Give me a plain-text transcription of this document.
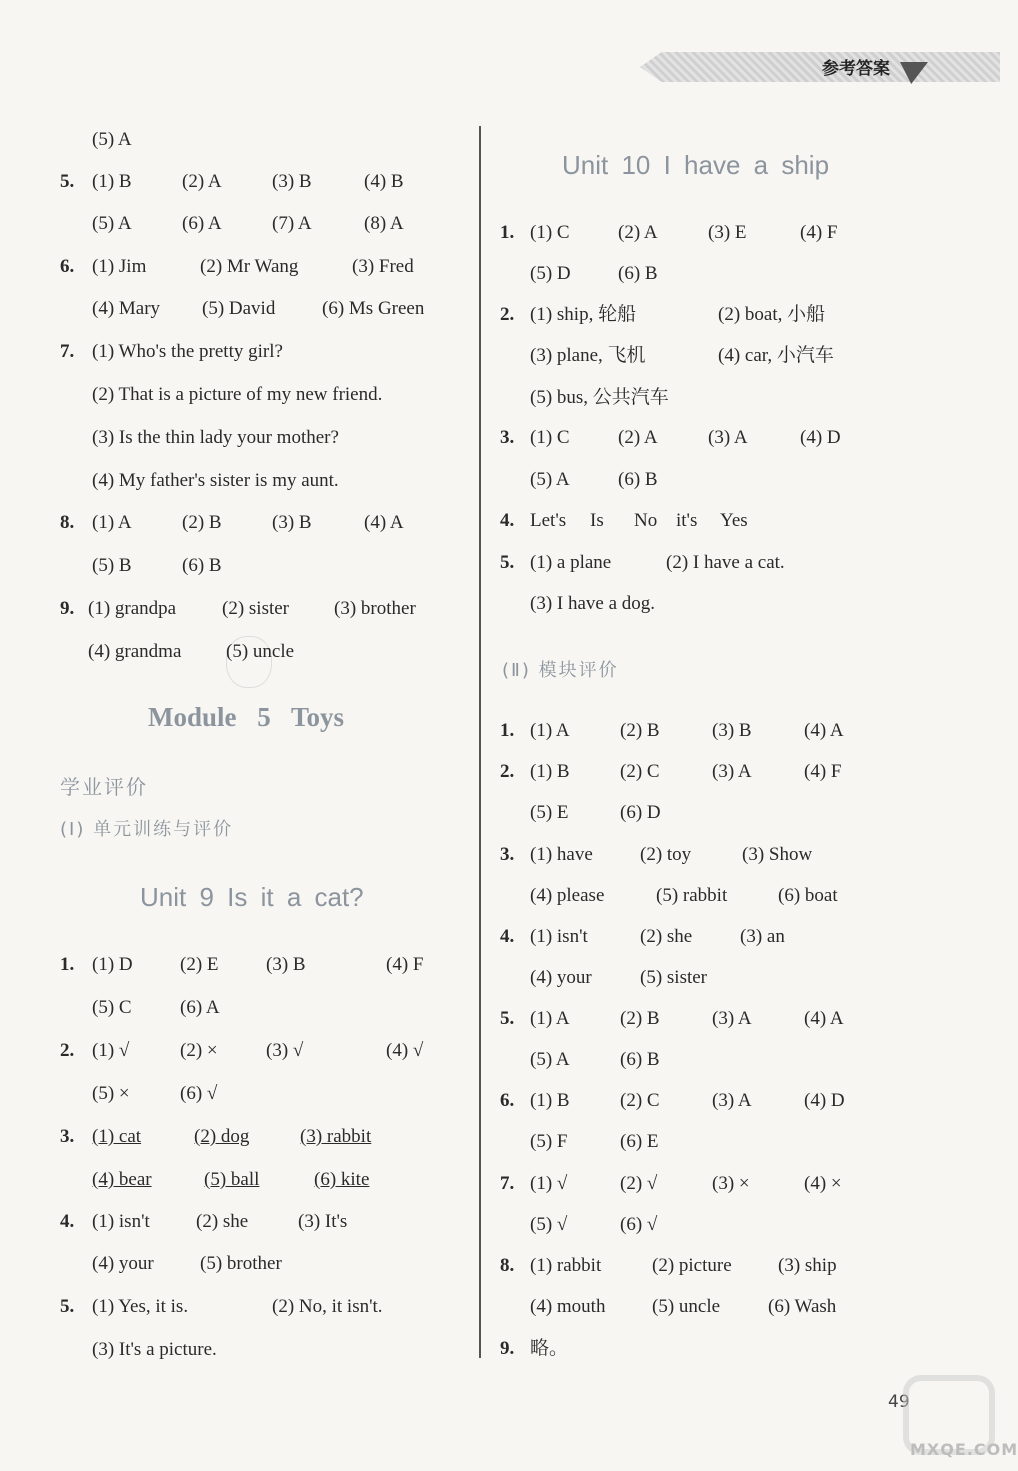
参考答案
Module 5 Toys
学业评价
(Ⅰ) 单元训练与评价
Unit 9 Is it a cat?
(5) A
5. (1) B	(2) A	(3) B	(4) B
(5) A	(6) A	(7) A	(8) A
6. (1) Jim	(2) Mr Wang	(3) Fred
(4) Mary (5) David (6) Ms Green
7. (1) Who's the pretty girl?
(2) That is a picture of my new friend.
(3) Is the thin lady your mother?
(4) My father's sister is my aunt.
8. (1) A	(2) B	(3) B	(4) A
(5) B	(6) B
9. (1) grandpa (2) sister (3) brother
(4) grandma (5) uncle
1. (1) D (2) E (3) B	(4) F
(5) C	(6) A
2. (1) √	(2) ×	(3) √	(4) √
(5) ×	(6) √
3. (1) cat	(2) dog	(3) rabbit
(4) bear	(5) ball	(6) kite
4. (1) isn't (2) she	(3) It's
(4) your (5) brother
5. (1) Yes, it is.	(2) No, it isn't.
(3) It's a picture.
Unit 10 I have a ship
(Ⅱ) 模块评价
1. (1) C	(2) A	(3) E	(4) F
(5) D (6) B
2. (1) ship, 轮船	(2) boat, 小船
(3) plane, 飞机	(4) car, 小汽车
(5) bus, 公共汽车
3. (1) C	(2) A	(3) A	(4) D
(5) A	(6) B
4. Let's Is No it's Yes
5. (1) a plane	(2) I have a cat.
(3) I have a dog.
1. (1) A	(2) B	(3) B	(4) A
2. (1) B	(2) C	(3) A	(4) F
(5) E	(6) D
3. (1) have (2) toy	(3) Show
(4) please	(5) rabbit	(6) boat
4. (1) isn't	(2) she	(3) an
(4) your	(5) sister
5. (1) A	(2) B	(3) A	(4) A
(5) A	(6) B
6. (1) B	(2) C	(3) A	(4) D
(5) F	(6) E
7. (1) √	(2) √	(3) ×	(4) ×
(5) √	(6) √
8. (1) rabbit	(2) picture (3) ship
(4) mouth (5) uncle	(6) Wash
9. 略。
49
MXQE.COM
